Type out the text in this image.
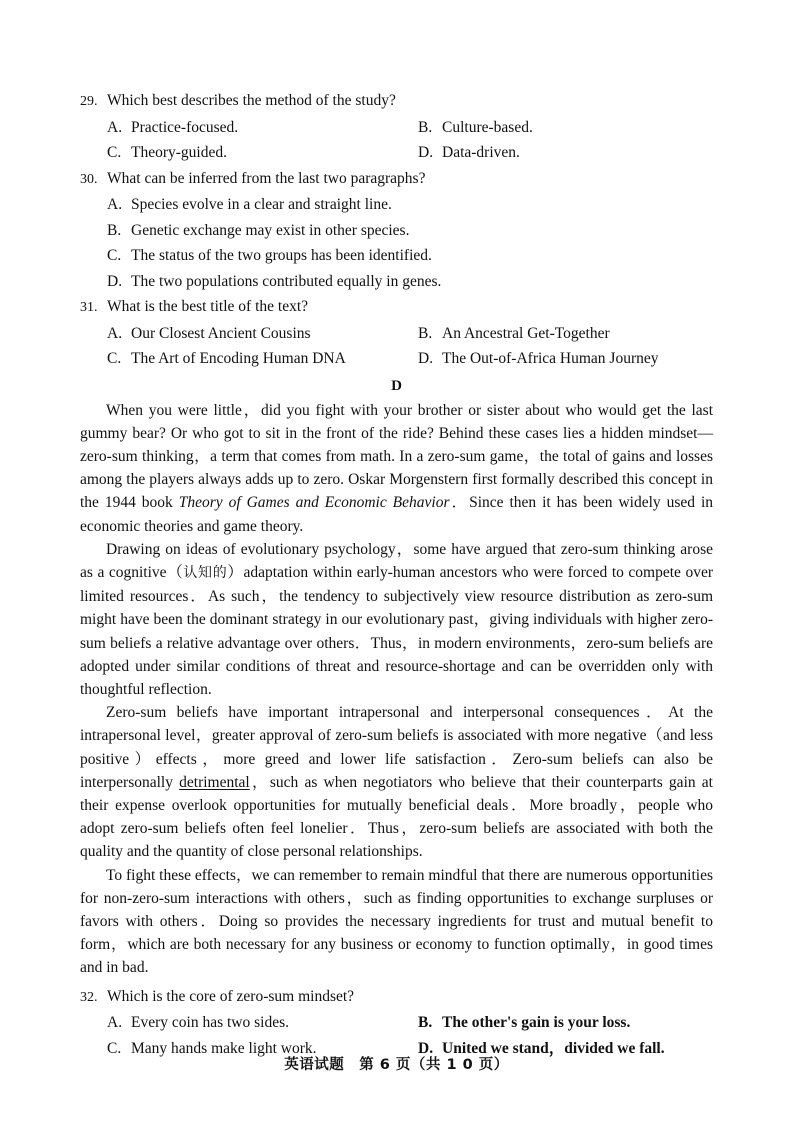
29. Which best describes the method of the study?
A. Practice-focused.	B. Culture-based.
C. Theory-guided.	D. Data-driven.
30. What can be inferred from the last two paragraphs?
A. Species evolve in a clear and straight line.
B. Genetic exchange may exist in other species.
C. The status of the two groups has been identified.
D. The two populations contributed equally in genes.
31. What is the best title of the text?
A. Our Closest Ancient Cousins	B. An Ancestral Get-Together
C. The Art of Encoding Human DNA	D. The Out-of-Africa Human Journey
D

When you were little，did you fight with your brother or sister about who would get the last gummy bear? Or who got to sit in the front of the ride? Behind these cases lies a hidden mindset—zero-sum thinking，a term that comes from math. In a zero-sum game，the total of gains and losses among the players always adds up to zero. Oskar Morgenstern first formally described this concept in the 1944 book Theory of Games and Economic Behavior．Since then it has been widely used in economic theories and game theory.

Drawing on ideas of evolutionary psychology，some have argued that zero-sum thinking arose as a cognitive（认知的）adaptation within early-human ancestors who were forced to compete over limited resources．As such，the tendency to subjectively view resource distribution as zero-sum might have been the dominant strategy in our evolutionary past，giving individuals with higher zero-sum beliefs a relative advantage over others．Thus，in modern environments，zero-sum beliefs are adopted under similar conditions of threat and resource-shortage and can be overridden only with thoughtful reflection.

Zero-sum beliefs have important intrapersonal and interpersonal consequences．At the intrapersonal level，greater approval of zero-sum beliefs is associated with more negative（and less positive）effects，more greed and lower life satisfaction．Zero-sum beliefs can also be interpersonally detrimental，such as when negotiators who believe that their counterparts gain at their expense overlook opportunities for mutually beneficial deals．More broadly，people who adopt zero-sum beliefs often feel lonelier．Thus，zero-sum beliefs are associated with both the quality and the quantity of close personal relationships.

To fight these effects，we can remember to remain mindful that there are numerous opportunities for non-zero-sum interactions with others，such as finding opportunities to exchange surpluses or favors with others．Doing so provides the necessary ingredients for trust and mutual benefit to form，which are both necessary for any business or economy to function optimally，in good times and in bad.

32. Which is the core of zero-sum mindset?
A. Every coin has two sides.	B. The other's gain is your loss.
C. Many hands make light work.	D. United we stand，divided we fall.
英语试题　第 6 页（共 1 0 页）
